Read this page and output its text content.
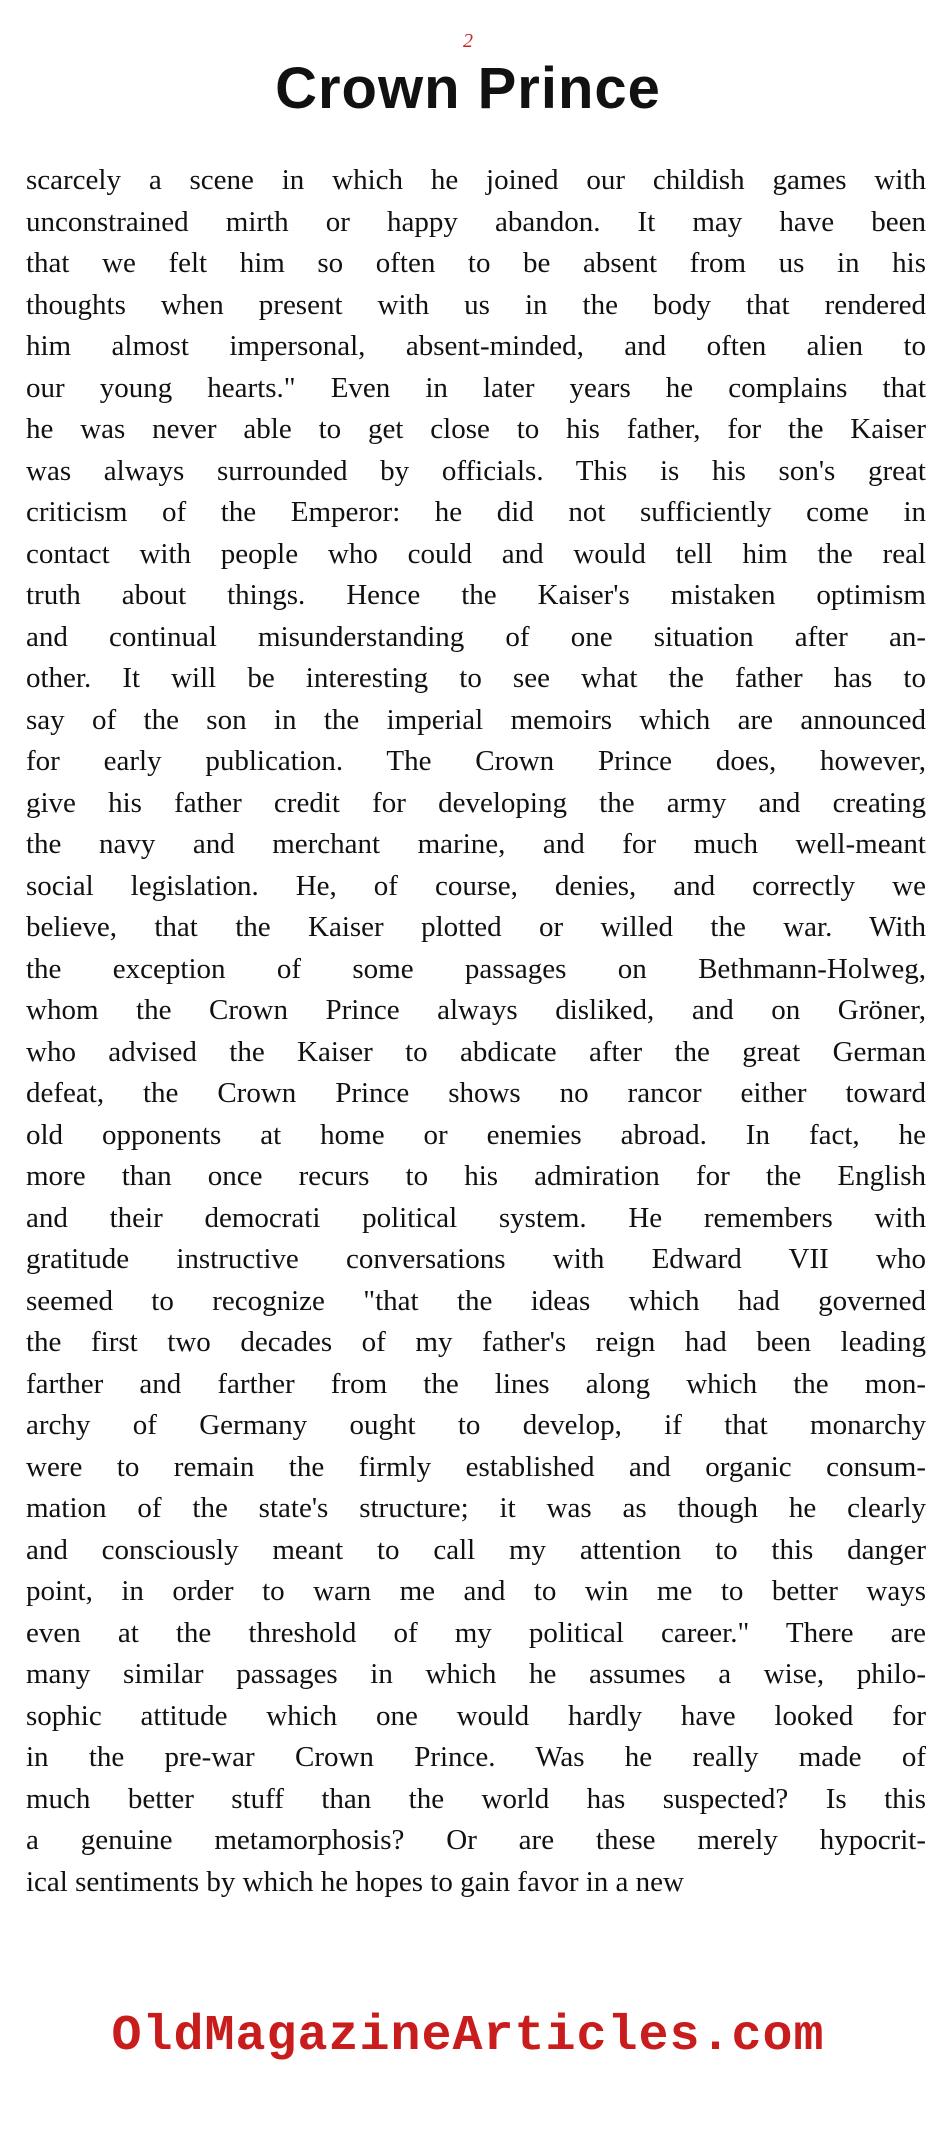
2
Crown Prince
scarcely a scene in which he joined our childish games with
unconstrained mirth or happy abandon. It may have been
that we felt him so often to be absent from us in his
thoughts when present with us in the body that rendered
him almost impersonal, absent-minded, and often alien to
our young hearts." Even in later years he complains that
he was never able to get close to his father, for the Kaiser
was always surrounded by officials. This is his son's great
criticism of the Emperor: he did not sufficiently come in
contact with people who could and would tell him the real
truth about things. Hence the Kaiser's mistaken optimism
and continual misunderstanding of one situation after an-
other. It will be interesting to see what the father has to
say of the son in the imperial memoirs which are announced
for early publication. The Crown Prince does, however,
give his father credit for developing the army and creating
the navy and merchant marine, and for much well-meant
social legislation. He, of course, denies, and correctly we
believe, that the Kaiser plotted or willed the war. With
the exception of some passages on Bethmann-Holweg,
whom the Crown Prince always disliked, and on Gröner,
who advised the Kaiser to abdicate after the great German
defeat, the Crown Prince shows no rancor either toward
old opponents at home or enemies abroad. In fact, he
more than once recurs to his admiration for the English
and their democrati political system. He remembers with
gratitude instructive conversations with Edward VII who
seemed to recognize "that the ideas which had governed
the first two decades of my father's reign had been leading
farther and farther from the lines along which the mon-
archy of Germany ought to develop, if that monarchy
were to remain the firmly established and organic consum-
mation of the state's structure; it was as though he clearly
and consciously meant to call my attention to this danger
point, in order to warn me and to win me to better ways
even at the threshold of my political career." There are
many similar passages in which he assumes a wise, philo-
sophic attitude which one would hardly have looked for
in the pre-war Crown Prince. Was he really made of
much better stuff than the world has suspected? Is this
a genuine metamorphosis? Or are these merely hypocrit-
ical sentiments by which he hopes to gain favor in a new
OldMagazineArticles.com
